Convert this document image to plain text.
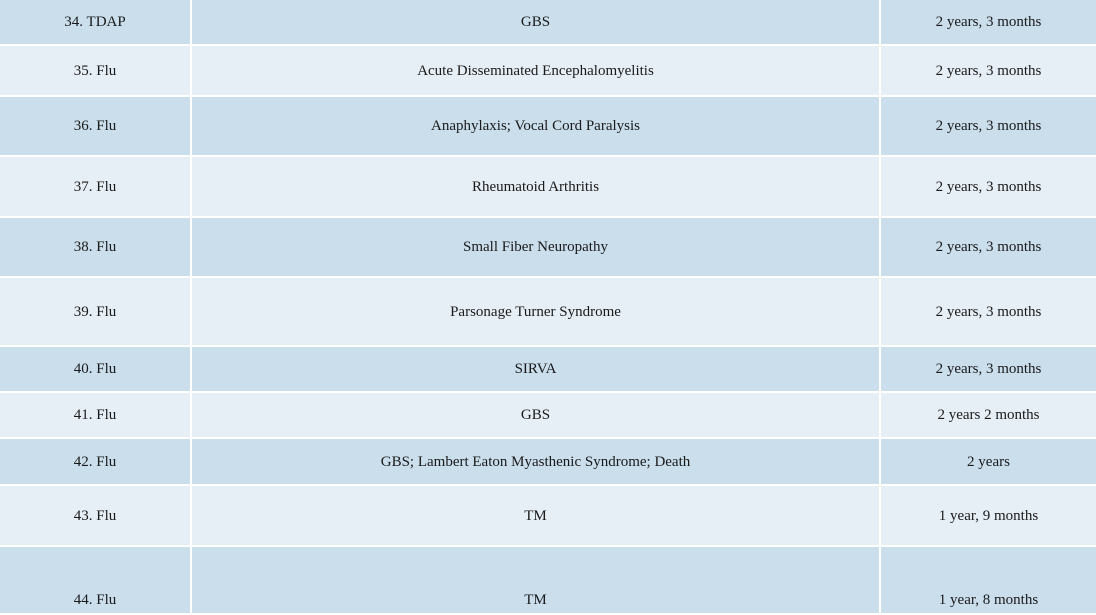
34. TDAP	GBS	2 years, 3 months
35. Flu	Acute Disseminated Encephalomyelitis	2 years, 3 months
36. Flu	Anaphylaxis; Vocal Cord Paralysis	2 years, 3 months
37. Flu	Rheumatoid Arthritis	2 years, 3 months
38. Flu	Small Fiber Neuropathy	2 years, 3 months
39. Flu	Parsonage Turner Syndrome	2 years, 3 months
40. Flu	SIRVA	2 years, 3 months
41. Flu	GBS	2 years 2 months
42. Flu	GBS; Lambert Eaton Myasthenic Syndrome; Death	2 years
43. Flu	TM	1 year, 9 months
44. Flu	TM	1 year, 8 months
